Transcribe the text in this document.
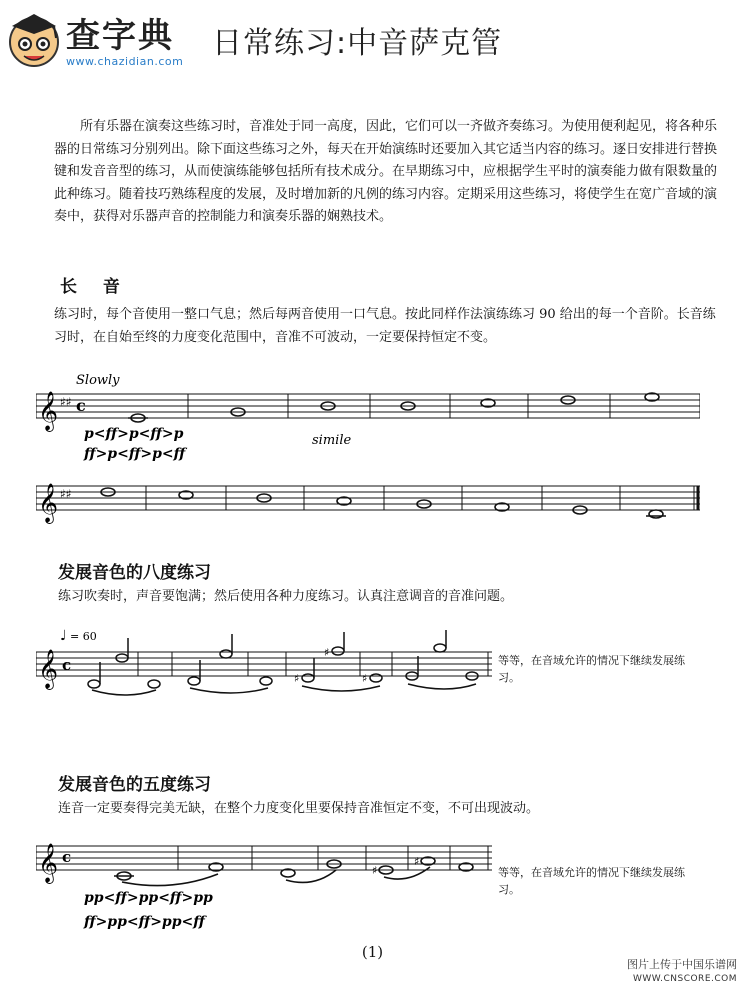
查字典
www.chazidian.com
日常练习:中音萨克管
所有乐器在演奏这些练习时，音准处于同一高度，因此，它们可以一齐做齐奏练习。为使用便利起见，将各种乐器的日常练习分别列出。除下面这些练习之外，每天在开始演练时还要加入其它适当内容的练习。逐日安排进行替换键和发音音型的练习，从而使演练能够包括所有技术成分。在早期练习中，应根据学生平时的演奏能力做有限数量的此种练习。随着技巧熟练程度的发展，及时增加新的凡例的练习内容。定期采用这些练习，将使学生在宽广音域的演奏中，获得对乐器声音的控制能力和演奏乐器的娴熟技术。
长 音
练习时，每个音使用一整口气息；然后每两音使用一口气息。按此同样作法演练练习 90 给出的每一个音阶。长音练习时，在自始至终的力度变化范围中，音准不可波动，一定要保持恒定不变。
Slowly
𝄞 ♯♯ c
p<ff>p<ff>p
ff>p<ff>p<ff
simile
𝄞 ♯♯
发展音色的八度练习
练习吹奏时，声音要饱满；然后使用各种力度练习。认真注意调音的音准问题。
♩ = 60
𝄞 c
♯
♯
♯
等等，在音域允许的情况下继续发展练习。
发展音色的五度练习
连音一定要奏得完美无缺，在整个力度变化里要保持音准恒定不变，不可出现波动。
𝄞 c
♯
♯
pp<ff>pp<ff>pp
ff>pp<ff>pp<ff
等等，在音域允许的情况下继续发展练习。
(1)
图片上传于中国乐谱网
WWW.CNSCORE.COM
